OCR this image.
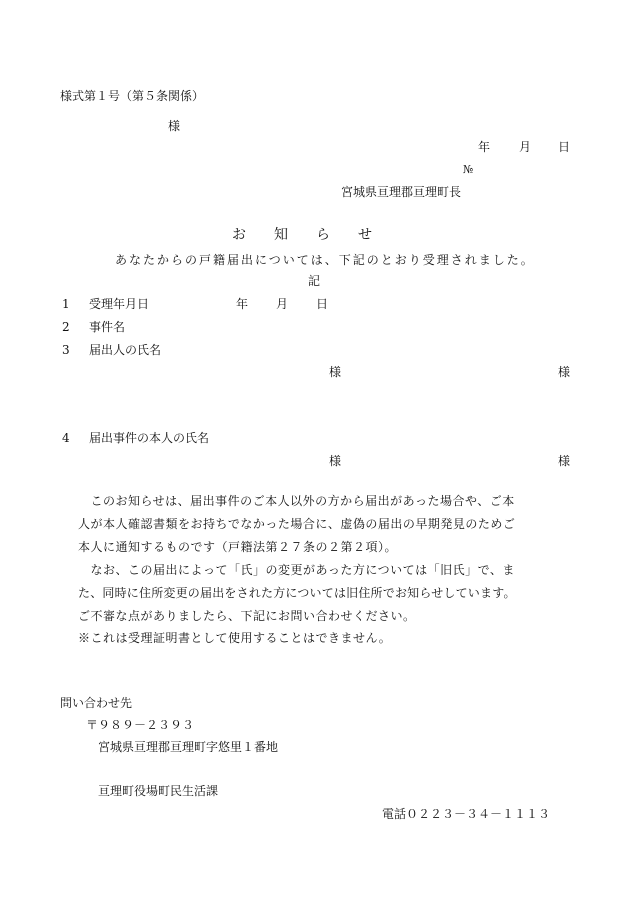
様式第１号（第５条関係）
様
年 月 日
№
宮城県亘理郡亘理町長
お　　知　　ら　　せ
あなたからの戸籍届出については、下記のとおり受理されました。
記
1 受理年月日	年 月 日
2 事件名
3 届出人の氏名
様	様
4 届出事件の本人の氏名
様	様
　このお知らせは、届出事件のご本人以外の方から届出があった場合や、ご本
人が本人確認書類をお持ちでなかった場合に、虚偽の届出の早期発見のためご
本人に通知するものです（戸籍法第２７条の２第２項）。
　なお、この届出によって「氏」の変更があった方については「旧氏」で、ま
た、同時に住所変更の届出をされた方については旧住所でお知らせしています。
ご不審な点がありましたら、下記にお問い合わせください。
※これは受理証明書として使用することはできません。
問い合わせ先
〒９８９－２３９３
宮城県亘理郡亘理町字悠里１番地
亘理町役場町民生活課
電話０２２３－３４－１１１３
